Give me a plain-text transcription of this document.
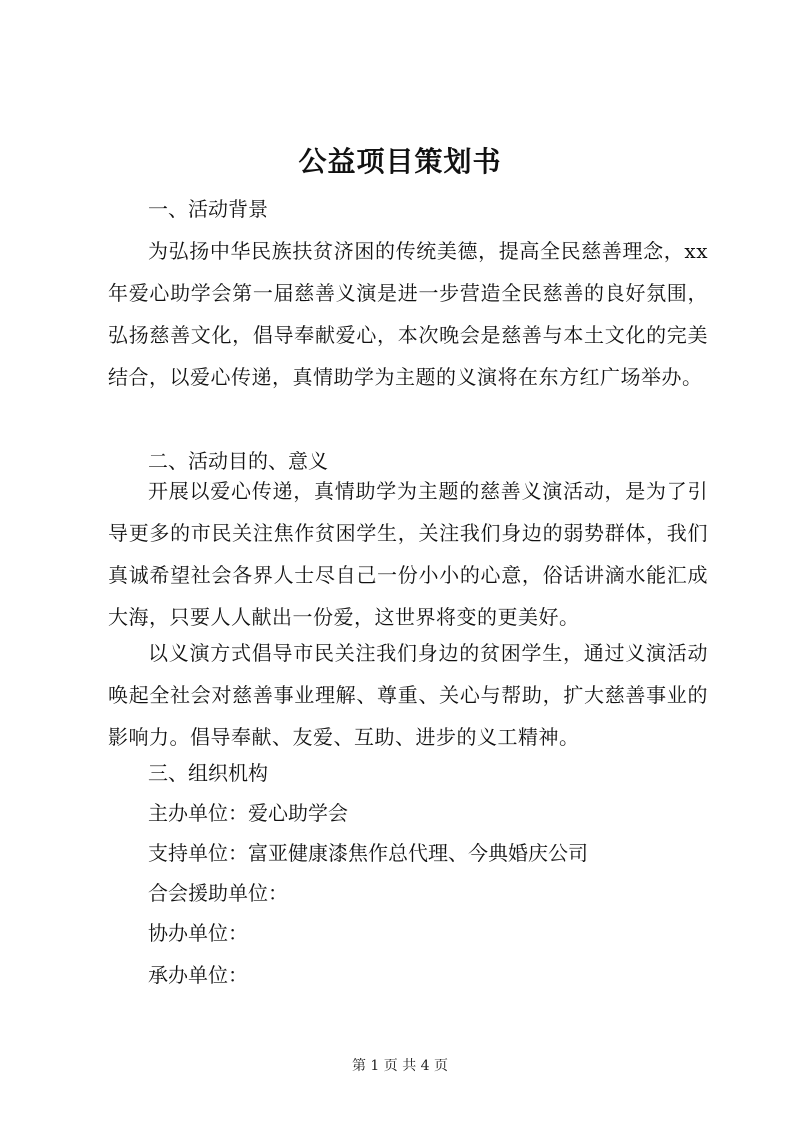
公益项目策划书
一、活动背景
为弘扬中华民族扶贫济困的传统美德，提高全民慈善理念，xx 年爱心助学会第一届慈善义演是进一步营造全民慈善的良好氛围，弘扬慈善文化，倡导奉献爱心，本次晚会是慈善与本土文化的完美结合，以爱心传递，真情助学为主题的义演将在东方红广场举办。
二、活动目的、意义
开展以爱心传递，真情助学为主题的慈善义演活动，是为了引导更多的市民关注焦作贫困学生，关注我们身边的弱势群体，我们真诚希望社会各界人士尽自己一份小小的心意，俗话讲滴水能汇成大海，只要人人献出一份爱，这世界将变的更美好。
以义演方式倡导市民关注我们身边的贫困学生，通过义演活动唤起全社会对慈善事业理解、尊重、关心与帮助，扩大慈善事业的影响力。倡导奉献、友爱、互助、进步的义工精神。
三、组织机构
主办单位：爱心助学会
支持单位：富亚健康漆焦作总代理、今典婚庆公司
合会援助单位：
协办单位：
承办单位：
第 1 页 共 4 页
